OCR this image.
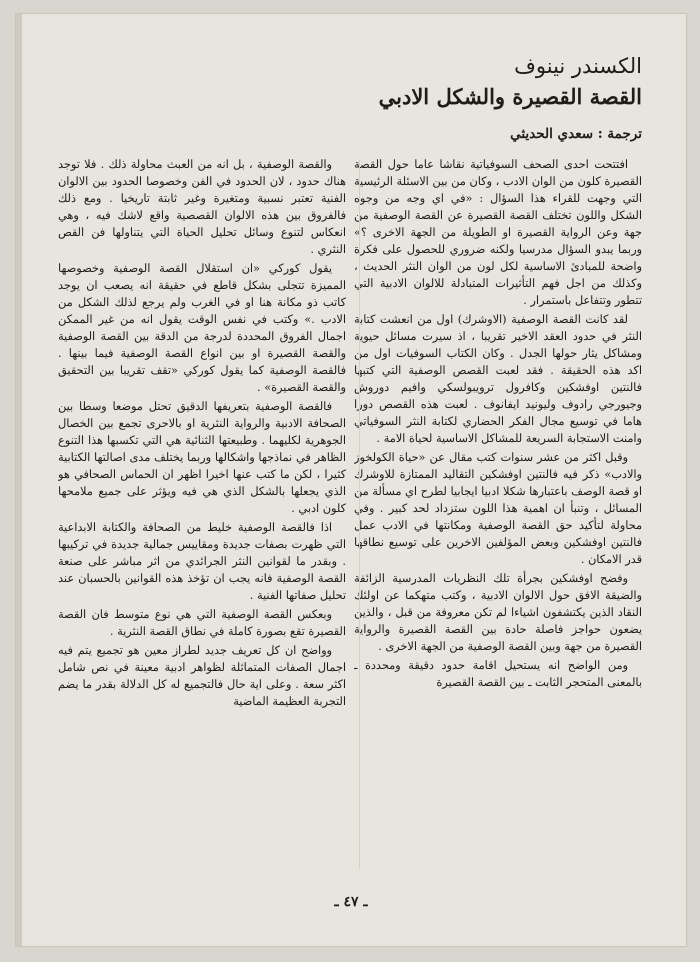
الكسندر نينوف
القصة القصيرة والشكل الادبي
ترجمة : سعدي الحديثي

افتتحت احدى الصحف السوفياتية نقاشا عاما حول القصة القصيرة كلون من الوان الادب ، وكان من بين الاسئلة الرئيسية التي وجهت للقراء هذا السؤال : «في اي وجه من وجوه الشكل واللون تختلف القصة القصيرة عن القصة الوصفية من جهة وعن الرواية القصيرة او الطويلة من الجهة الاخرى ؟» وربما يبدو السؤال مدرسيا ولكنه ضروري للحصول على فكرة واضحة للمبادئ الاساسية لكل لون من الوان النثر الحديث ، وكذلك من اجل فهم التأثيرات المتبادلة للالوان الادبية التي تتطور وتتفاعل باستمرار .

لقد كانت القصة الوصفية (الاوشرك) اول من انعشت كتابة النثر في حدود العقد الاخير تقريبا ، اذ سيرت مسائل حيوية ومشاكل يثار حولها الجدل . وكان الكتاب السوفيات اول من اكد هذه الحقيقة . فقد لعبت القصص الوصفية التي كتبها فالنتين اوفشكين وكافرول ترويبولسكي وافيم دوروش وجيورجي رادوف وليونيد ايفانوف . لعبت هذه القصص دورا هاما في توسيع مجال الفكر الحضاري لكتابة النثر السوفياتي وامنت الاستجابة السريعة للمشاكل الاساسية لحياة الامة .

وقبل اكثر من عشر سنوات كتب مقال عن «حياة الكولخوز والادب» ذكر فيه فالنتين اوفشكين التقاليد الممتازة للاوشرك او قصة الوصف باعتبارها شكلا ادبيا ايجابيا لطرح اي مسألة من المسائل ، وتنبأ ان اهمية هذا اللون ستزداد لحد كبير . وفي محاولة لتأكيد حق القصة الوصفية ومكانتها في الادب عمل فالنتين اوفشكين وبعض المؤلفين الاخرين على توسيع نطاقها قدر الامكان .

وفضح اوفشكين بجرأة تلك النظريات المدرسية الزائفة والضيقة الافق حول الالوان الادبية ، وكتب متهكما عن اولئك النقاد الذين يكتشفون اشياءا لم تكن معروفة من قبل ، والذين يضعون حواجز فاصلة حادة بين القصة القصيرة والرواية القصيرة من جهة وبين القصة الوصفية من الجهة الاخرى .

ومن الواضح انه يستحيل اقامة حدود دقيقة ومحددة ـ بالمعنى المتحجر الثابت ـ بين القصة القصيرة

والقصة الوصفية ، بل انه من العبث محاولة ذلك . فلا توجد هناك حدود ، لان الحدود في الفن وخصوصا الحدود بين الالوان الفنية تعتبر نسبية ومتغيرة وغير ثابتة تاريخيا . ومع ذلك فالفروق بين هذه الالوان القصصية واقع لاشك فيه ، وهي انعكاس لتنوع وسائل تحليل الحياة التي يتناولها فن القص النثري .

يقول كوركي «ان استقلال القصة الوصفية وخصوصها المميزة تتجلى بشكل قاطع في حقيقة انه يصعب ان يوجد كاتب ذو مكانة هنا او في الغرب ولم يرجع لذلك الشكل من الادب .» وكتب في نفس الوقت يقول انه من غير الممكن اجمال الفروق المحددة لدرجة من الدقة بين القصة الوصفية والقصة القصيرة او بين انواع القصة الوصفية فيما بينها . فالقصة الوصفية كما يقول كوركي «تقف تقريبا بين التحقيق والقصة القصيرة» .

فالقصة الوصفية بتعريفها الدقيق تحتل موضعا وسطا بين الصحافة الادبية والرواية النثرية او بالاحرى تجمع بين الخصال الجوهرية لكليهما . وطبيعتها الثنائية هي التي تكسبها هذا التنوع الظاهر في نماذجها واشكالها وربما يختلف مدى اصالتها الكتابية كثيرا ، لكن ما كتب عنها اخيرا اظهر ان الحماس الصحافي هو الذي يجعلها بالشكل الذي هي فيه ويؤثر على جميع ملامحها كلون ادبي .

اذا فالقصة الوصفية خليط من الصحافة والكتابة الابداعية التي ظهرت بصفات جديدة ومقاييس جمالية جديدة في تركيبها . وبقدر ما لقوانين النثر الجرائدي من اثر مباشر على صنعة القصة الوصفية فانه يجب ان تؤخذ هذه القوانين بالحسبان عند تحليل صفاتها الفنية .

وبعكس القصة الوصفية التي هي نوع متوسط فان القصة القصيرة تقع بصورة كاملة في نطاق القصة النثرية .

وواضح ان كل تعريف جديد لطراز معين هو تجميع يتم فيه اجمال الصفات المتماثلة لظواهر ادبية معينة في نص شامل اكثر سعة . وعلى اية حال فالتجميع له كل الدلالة بقدر ما يضم التجربة العظيمة الماضية

ـ ٤٧ ـ
